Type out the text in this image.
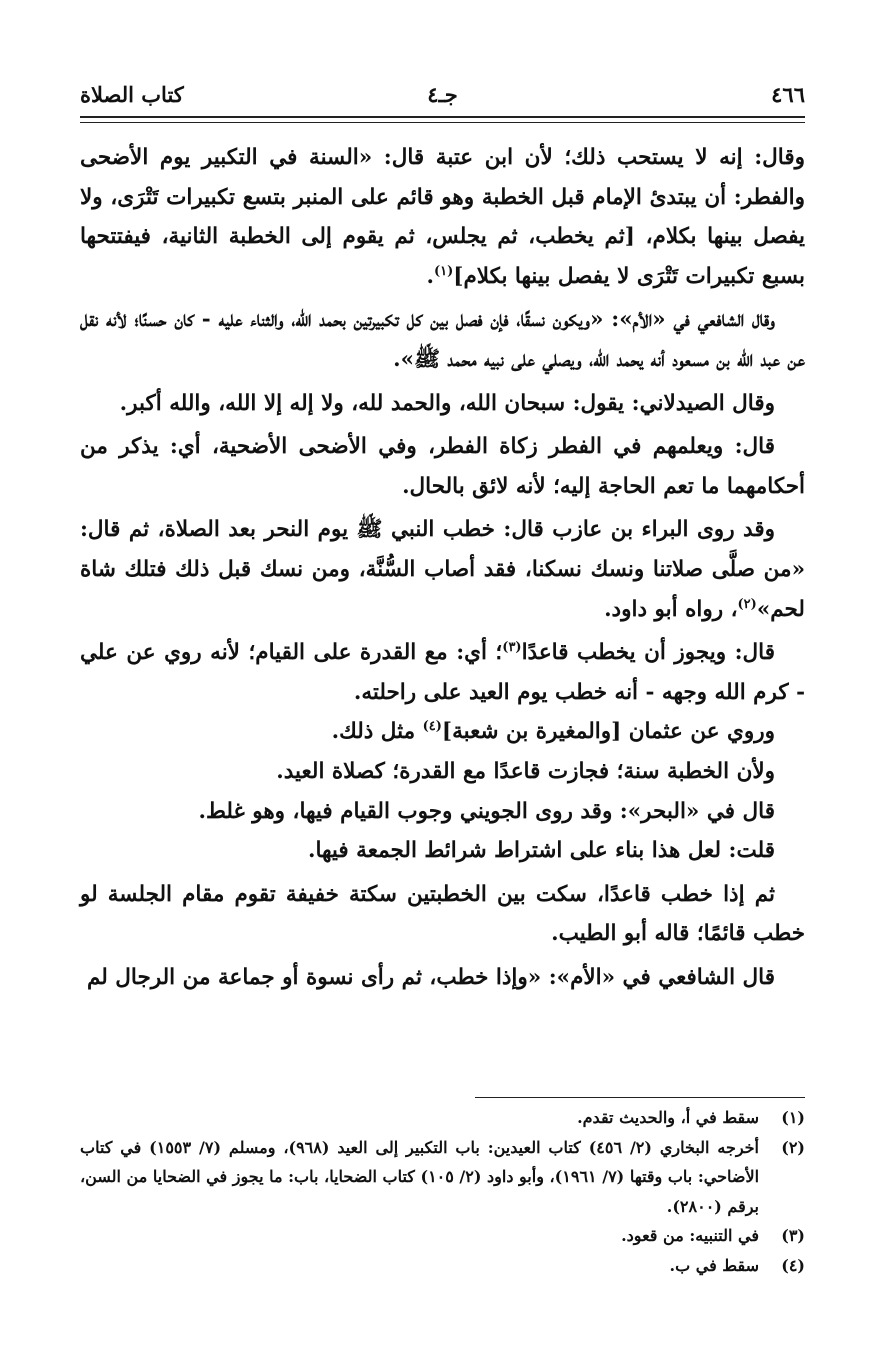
٤٦٦
جـ٤
كتاب الصلاة

وقال: إنه لا يستحب ذلك؛ لأن ابن عتبة قال: «السنة في التكبير يوم الأضحى والفطر: أن يبتدئ الإمام قبل الخطبة وهو قائم على المنبر بتسع تكبيرات تَتْرَى، ولا يفصل بينها بكلام، [ثم يخطب، ثم يجلس، ثم يقوم إلى الخطبة الثانية، فيفتتحها بسبع تكبيرات تَتْرَى لا يفصل بينها بكلام]$^{(١)}$.

وقال الشافعي في «الأم»: «ويكون نسقًا، فإن فصل بين كل تكبيرتين بحمد الله، والثناء عليه - كان حسنًا؛ لأنه نقل عن عبد الله بن مسعود أنه يحمد الله، ويصلي على نبيه محمد ﷺ».

وقال الصيدلاني: يقول: سبحان الله، والحمد لله، ولا إله إلا الله، والله أكبر.

قال: ويعلمهم في الفطر زكاة الفطر، وفي الأضحى الأضحية، أي: يذكر من أحكامهما ما تعم الحاجة إليه؛ لأنه لائق بالحال.

وقد روى البراء بن عازب قال: خطب النبي ﷺ يوم النحر بعد الصلاة، ثم قال: «من صلَّى صلاتنا ونسك نسكنا، فقد أصاب السُّنَّة، ومن نسك قبل ذلك فتلك شاة لحم»$^{(٢)}$، رواه أبو داود.

قال: ويجوز أن يخطب قاعدًا$^{(٣)}$؛ أي: مع القدرة على القيام؛ لأنه روي عن علي - كرم الله وجهه - أنه خطب يوم العيد على راحلته.

وروي عن عثمان [والمغيرة بن شعبة]$^{(٤)}$ مثل ذلك.

ولأن الخطبة سنة؛ فجازت قاعدًا مع القدرة؛ كصلاة العيد.

قال في «البحر»: وقد روى الجويني وجوب القيام فيها، وهو غلط.

قلت: لعل هذا بناء على اشتراط شرائط الجمعة فيها.

ثم إذا خطب قاعدًا، سكت بين الخطبتين سكتة خفيفة تقوم مقام الجلسة لو خطب قائمًا؛ قاله أبو الطيب.

قال الشافعي في «الأم»: «وإذا خطب، ثم رأى نسوة أو جماعة من الرجال لم

(١)
سقط في أ، والحديث تقدم.
(٢)
أخرجه البخاري (٢/ ٤٥٦) كتاب العيدين: باب التكبير إلى العيد (٩٦٨)، ومسلم (٧/ ١٥٥٣) في كتاب الأضاحي: باب وقتها (٧/ ١٩٦١)، وأبو داود (٢/ ١٠٥) كتاب الضحايا، باب: ما يجوز في الضحايا من السن، برقم (٢٨٠٠).
(٣)
في التنبيه: من قعود.
(٤)
سقط في ب.
